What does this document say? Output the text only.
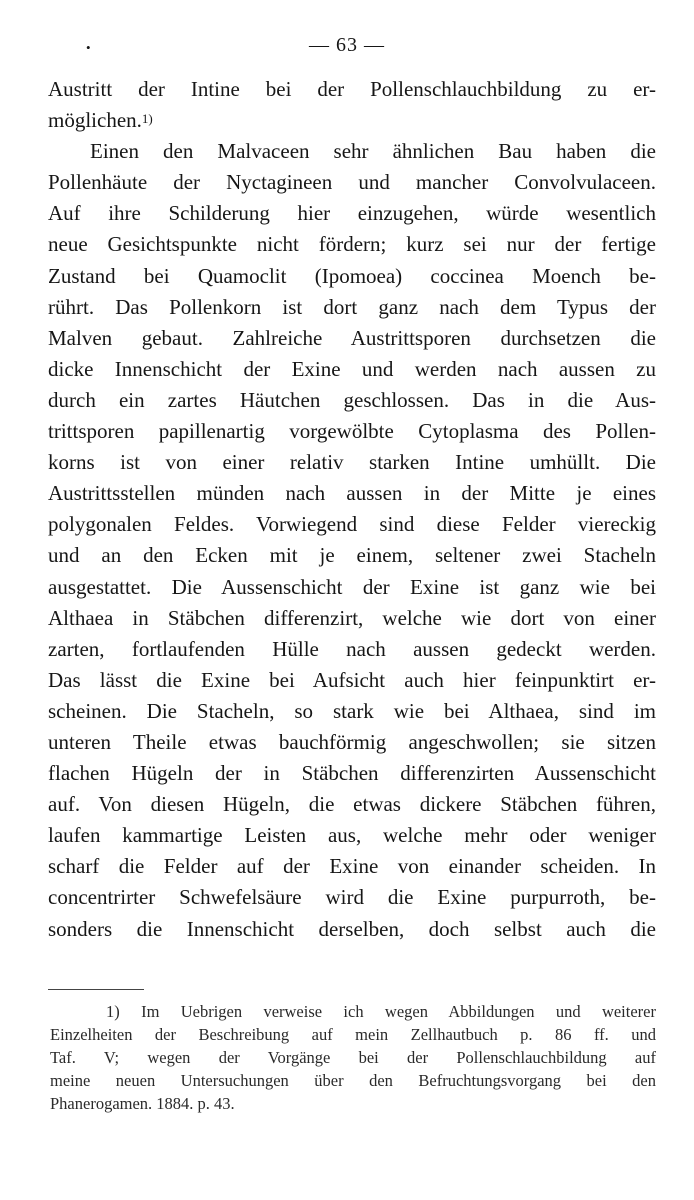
•	— 63 —
Austritt der Intine bei der Pollenschlauchbildung zu er-
möglichen.$^{1)}$
Einen den Malvaceen sehr ähnlichen Bau haben die
Pollenhäute der Nyctagineen und mancher Convolvulaceen.
Auf ihre Schilderung hier einzugehen, würde wesentlich
neue Gesichtspunkte nicht fördern; kurz sei nur der fertige
Zustand bei Quamoclit (Ipomoea) coccinea Moench be-
rührt. Das Pollenkorn ist dort ganz nach dem Typus der
Malven gebaut. Zahlreiche Austrittsporen durchsetzen die
dicke Innenschicht der Exine und werden nach aussen zu
durch ein zartes Häutchen geschlossen. Das in die Aus-
trittsporen papillenartig vorgewölbte Cytoplasma des Pollen-
korns ist von einer relativ starken Intine umhüllt. Die
Austrittsstellen münden nach aussen in der Mitte je eines
polygonalen Feldes. Vorwiegend sind diese Felder viereckig
und an den Ecken mit je einem, seltener zwei Stacheln
ausgestattet. Die Aussenschicht der Exine ist ganz wie bei
Althaea in Stäbchen differenzirt, welche wie dort von einer
zarten, fortlaufenden Hülle nach aussen gedeckt werden.
Das lässt die Exine bei Aufsicht auch hier feinpunktirt er-
scheinen. Die Stacheln, so stark wie bei Althaea, sind im
unteren Theile etwas bauchförmig angeschwollen; sie sitzen
flachen Hügeln der in Stäbchen differenzirten Aussenschicht
auf. Von diesen Hügeln, die etwas dickere Stäbchen führen,
laufen kammartige Leisten aus, welche mehr oder weniger
scharf die Felder auf der Exine von einander scheiden. In
concentrirter Schwefelsäure wird die Exine purpurroth, be-
sonders die Innenschicht derselben, doch selbst auch die
1) Im Uebrigen verweise ich wegen Abbildungen und weiterer
Einzelheiten der Beschreibung auf mein Zellhautbuch p. 86 ff. und
Taf. V; wegen der Vorgänge bei der Pollenschlauchbildung auf
meine neuen Untersuchungen über den Befruchtungsvorgang bei den
Phanerogamen. 1884. p. 43.
